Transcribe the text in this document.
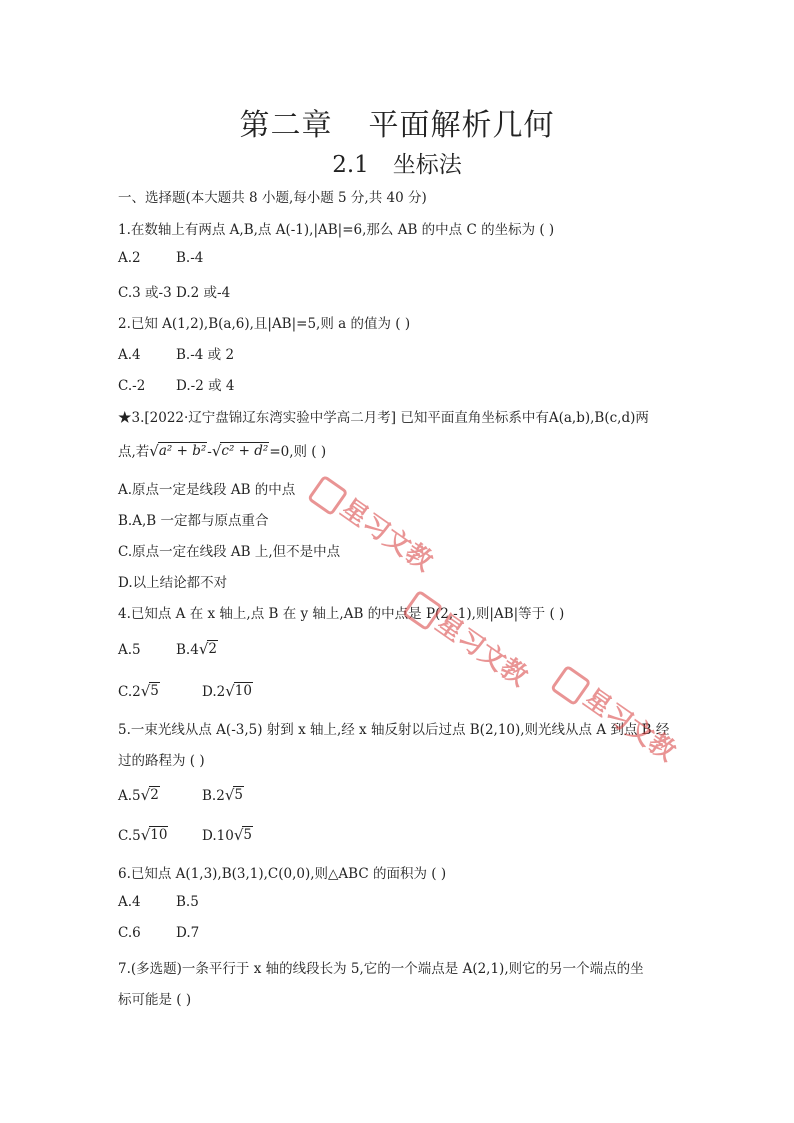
第二章 平面解析几何
2.1 坐标法
一、选择题(本大题共 8 小题,每小题 5 分,共 40 分)
1.在数轴上有两点 A,B,点 A(-1),|AB|=6,那么 AB 的中点 C 的坐标为 ( )
A.2	B.-4
C.3 或-3 D.2 或-4
2.已知 A(1,2),B(a,6),且|AB|=5,则 a 的值为 ( )
A.4	B.-4 或 2
C.-2 D.-2 或 4
★3.[2022·辽宁盘锦辽东湾实验中学高二月考] 已知平面直角坐标系中有A(a,b),B(c,d)两
点,若 √ a² + b² - √ c² + d² =0,则 ( )
A.原点一定是线段 AB 的中点
B.A,B 一定都与原点重合
C.原点一定在线段 AB 上,但不是中点
D.以上结论都不对
4.已知点 A 在 x 轴上,点 B 在 y 轴上,AB 的中点是 P(2,-1),则|AB|等于 ( )
A.5	B.4 √ 2
C.2 √ 5	D.2 √ 10
5.一束光线从点 A(-3,5) 射到 x 轴上,经 x 轴反射以后过点 B(2,10),则光线从点 A 到点 B 经
过的路程为 ( )
A.5 √ 2	B.2 √ 5
C.5 √ 10	D.10 √ 5
6.已知点 A(1,3),B(3,1),C(0,0),则△ABC 的面积为 ( )
A.4	B.5
C.6	D.7
7.(多选题)一条平行于 x 轴的线段长为 5,它的一个端点是 A(2,1),则它的另一个端点的坐
标可能是 ( )
星习文教
星习文教
星习文教
